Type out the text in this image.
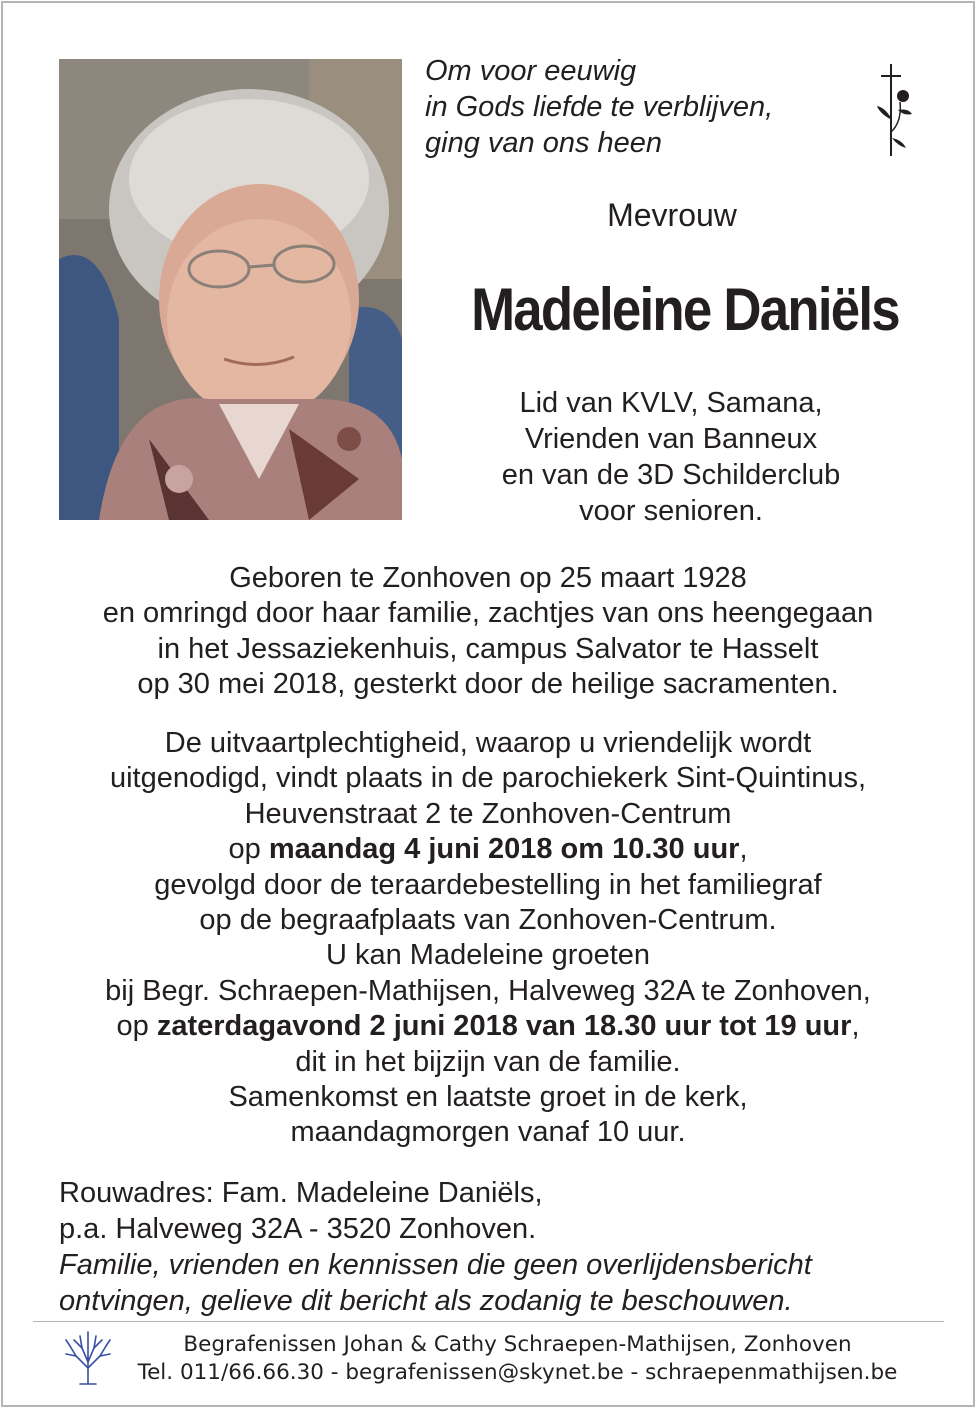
Om voor eeuwig
in Gods liefde te verblijven,
ging van ons heen
Mevrouw
Madeleine Daniëls
Lid van KVLV, Samana,
Vrienden van Banneux
en van de 3D Schilderclub
voor senioren.
Geboren te Zonhoven op 25 maart 1928
en omringd door haar familie, zachtjes van ons heengegaan
in het Jessaziekenhuis, campus Salvator te Hasselt
op 30 mei 2018, gesterkt door de heilige sacramenten.
De uitvaartplechtigheid, waarop u vriendelijk wordt
uitgenodigd, vindt plaats in de parochiekerk Sint-Quintinus,
Heuvenstraat 2 te Zonhoven-Centrum
op maandag 4 juni 2018 om 10.30 uur,
gevolgd door de teraardebestelling in het familiegraf
op de begraafplaats van Zonhoven-Centrum.
U kan Madeleine groeten
bij Begr. Schraepen-Mathijsen, Halveweg 32A te Zonhoven,
op zaterdagavond 2 juni 2018 van 18.30 uur tot 19 uur,
dit in het bijzijn van de familie.
Samenkomst en laatste groet in de kerk,
maandagmorgen vanaf 10 uur.
Rouwadres: Fam. Madeleine Daniëls,
p.a. Halveweg 32A - 3520 Zonhoven.
Familie, vrienden en kennissen die geen overlijdensbericht
ontvingen, gelieve dit bericht als zodanig te beschouwen.
Begrafenissen Johan & Cathy Schraepen-Mathijsen, Zonhoven
Tel. 011/66.66.30 - begrafenissen@skynet.be - schraepenmathijsen.be
